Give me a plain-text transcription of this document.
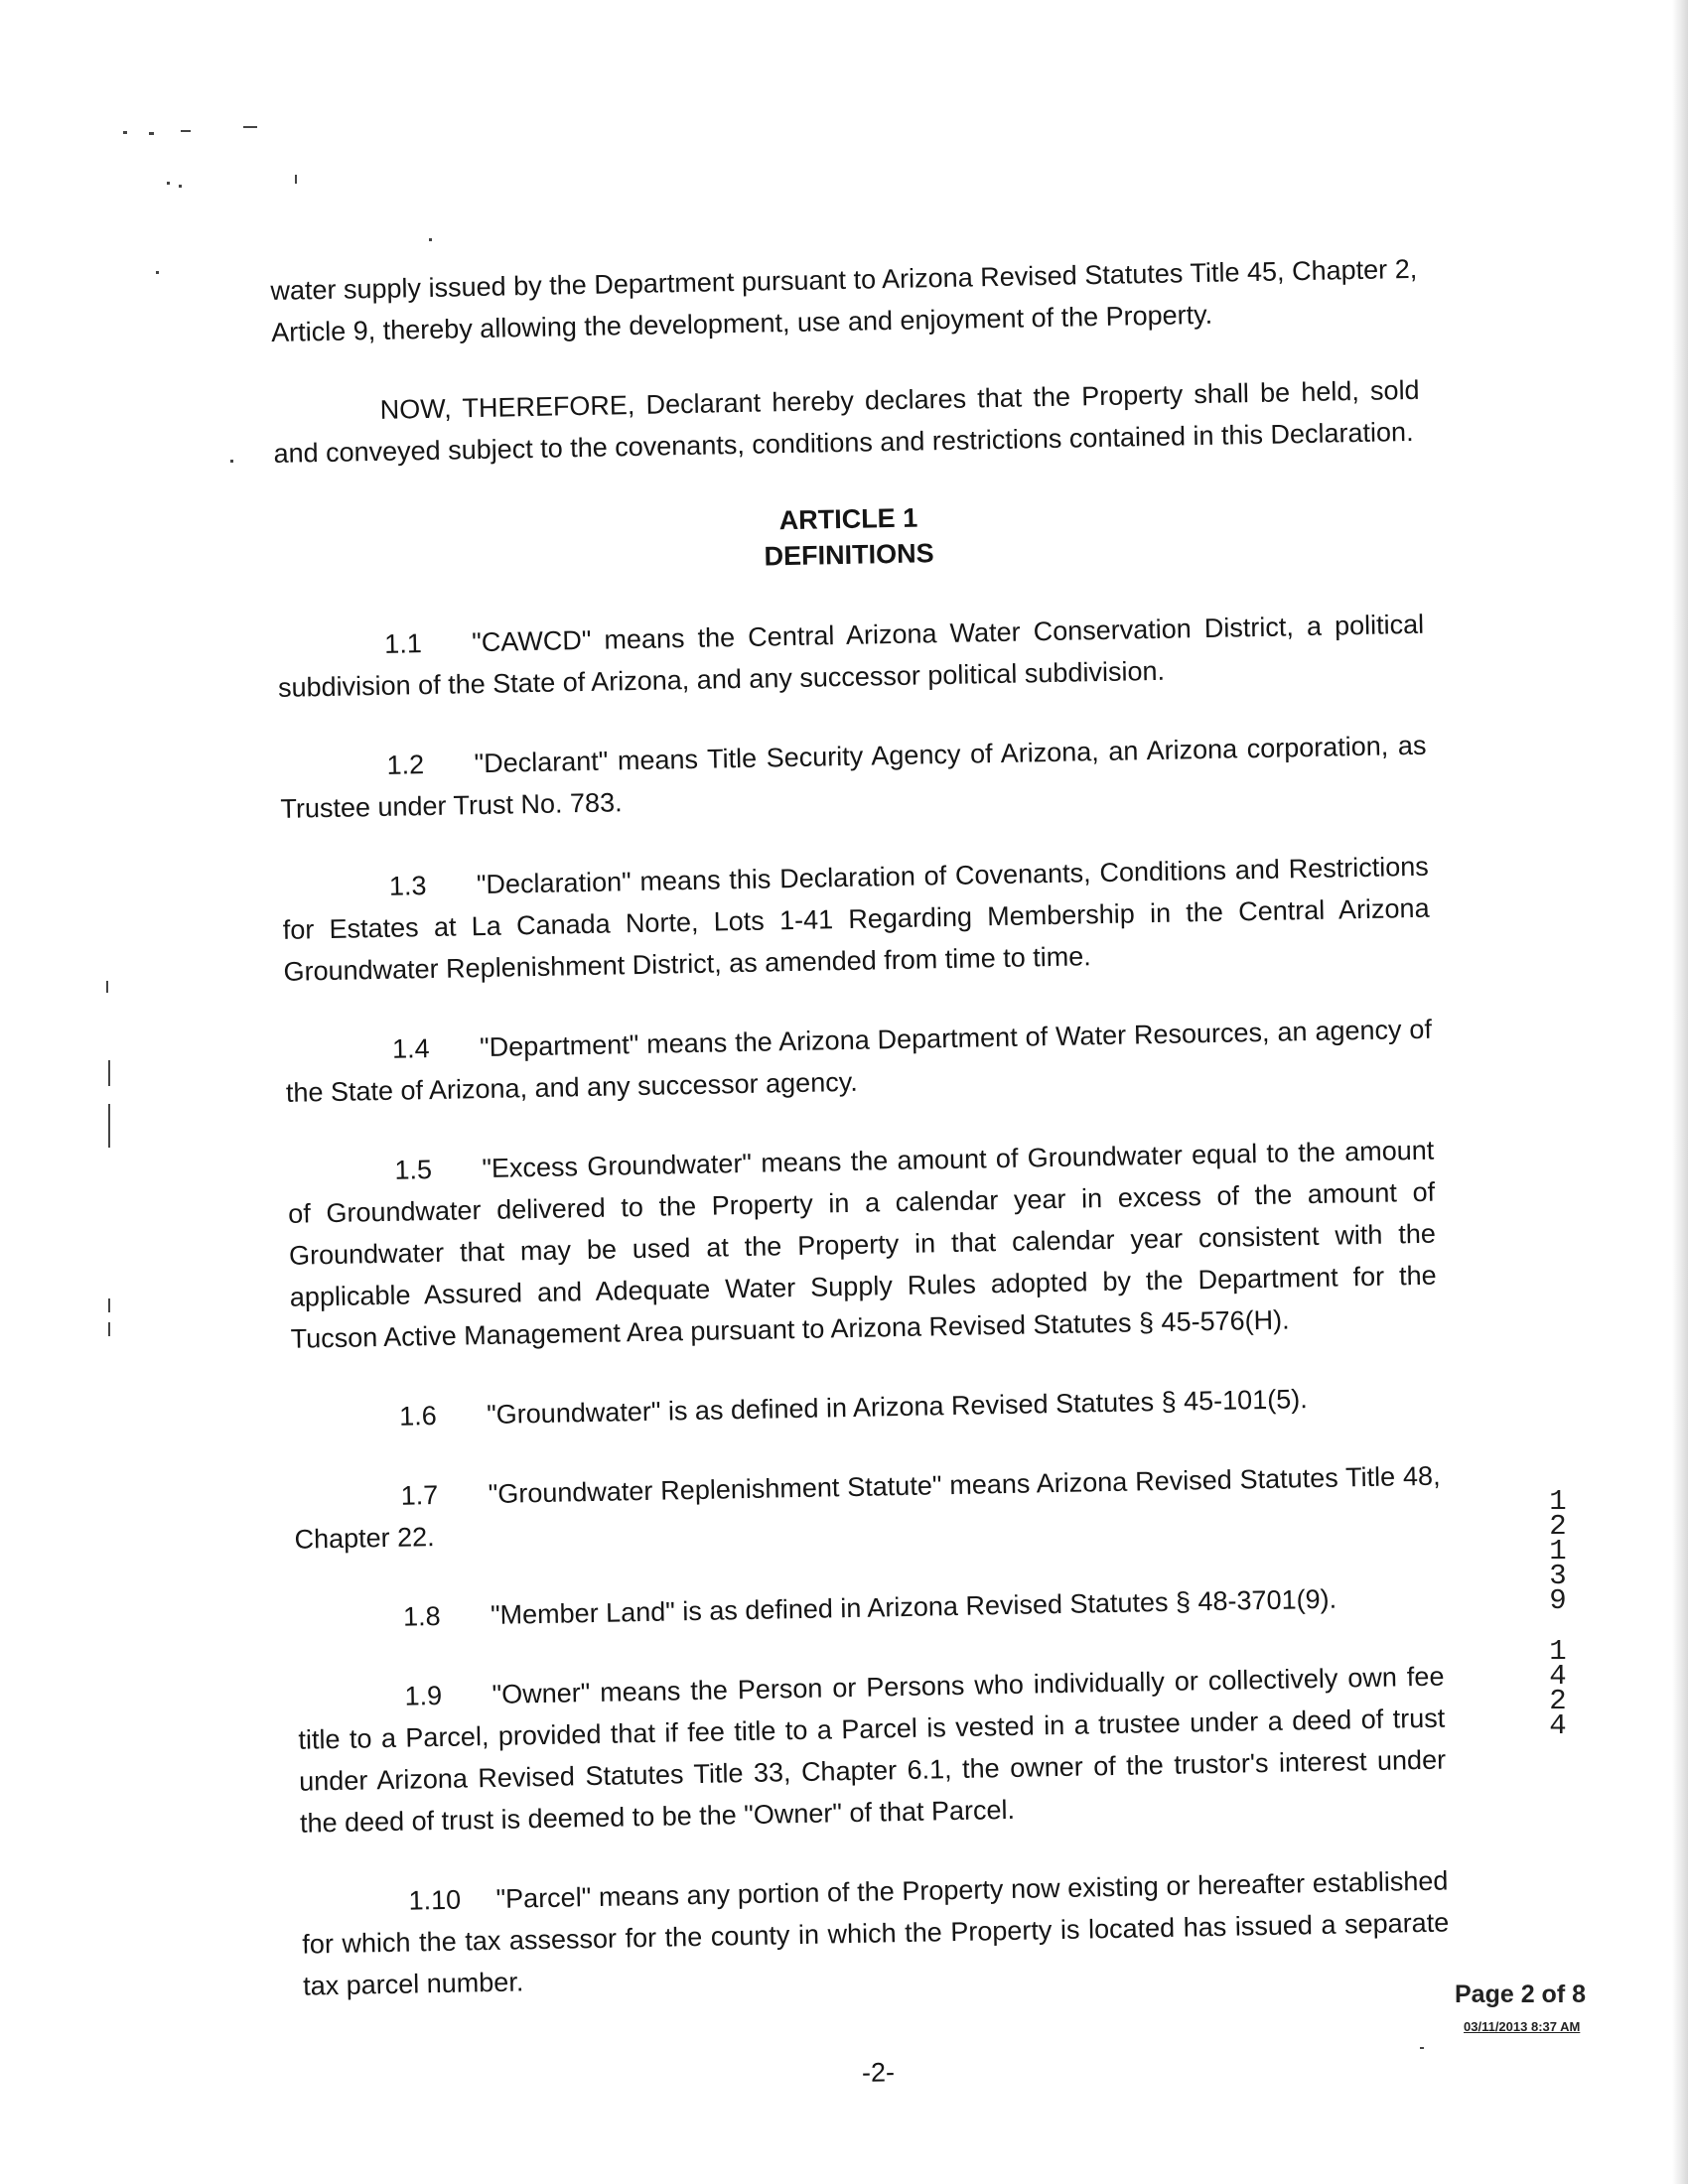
water supply issued by the Department pursuant to Arizona Revised Statutes Title 45, Chapter 2, Article 9, thereby allowing the development, use and enjoyment of the Property.

NOW, THEREFORE, Declarant hereby declares that the Property shall be held, sold and conveyed subject to the covenants, conditions and restrictions contained in this Declaration.

ARTICLE 1
DEFINITIONS

1.1 "CAWCD" means the Central Arizona Water Conservation District, a political subdivision of the State of Arizona, and any successor political subdivision.

1.2 "Declarant" means Title Security Agency of Arizona, an Arizona corporation, as Trustee under Trust No. 783.

1.3 "Declaration" means this Declaration of Covenants, Conditions and Restrictions for Estates at La Canada Norte, Lots 1-41 Regarding Membership in the Central Arizona Groundwater Replenishment District, as amended from time to time.

1.4 "Department" means the Arizona Department of Water Resources, an agency of the State of Arizona, and any successor agency.

1.5 "Excess Groundwater" means the amount of Groundwater equal to the amount of Groundwater delivered to the Property in a calendar year in excess of the amount of Groundwater that may be used at the Property in that calendar year consistent with the applicable Assured and Adequate Water Supply Rules adopted by the Department for the Tucson Active Management Area pursuant to Arizona Revised Statutes § 45-576(H).

1.6 "Groundwater" is as defined in Arizona Revised Statutes § 45-101(5).

1.7 "Groundwater Replenishment Statute" means Arizona Revised Statutes Title 48, Chapter 22.

1.8 "Member Land" is as defined in Arizona Revised Statutes § 48-3701(9).

1.9 "Owner" means the Person or Persons who individually or collectively own fee title to a Parcel, provided that if fee title to a Parcel is vested in a trustee under a deed of trust under Arizona Revised Statutes Title 33, Chapter 6.1, the owner of the trustor's interest under the deed of trust is deemed to be the "Owner" of that Parcel.

1.10 "Parcel" means any portion of the Property now existing or hereafter established for which the tax assessor for the county in which the Property is located has issued a separate tax parcel number.

-2-
1
2
1
3
9
1
4
2
4
Page 2 of 8
03/11/2013 8:37 AM
